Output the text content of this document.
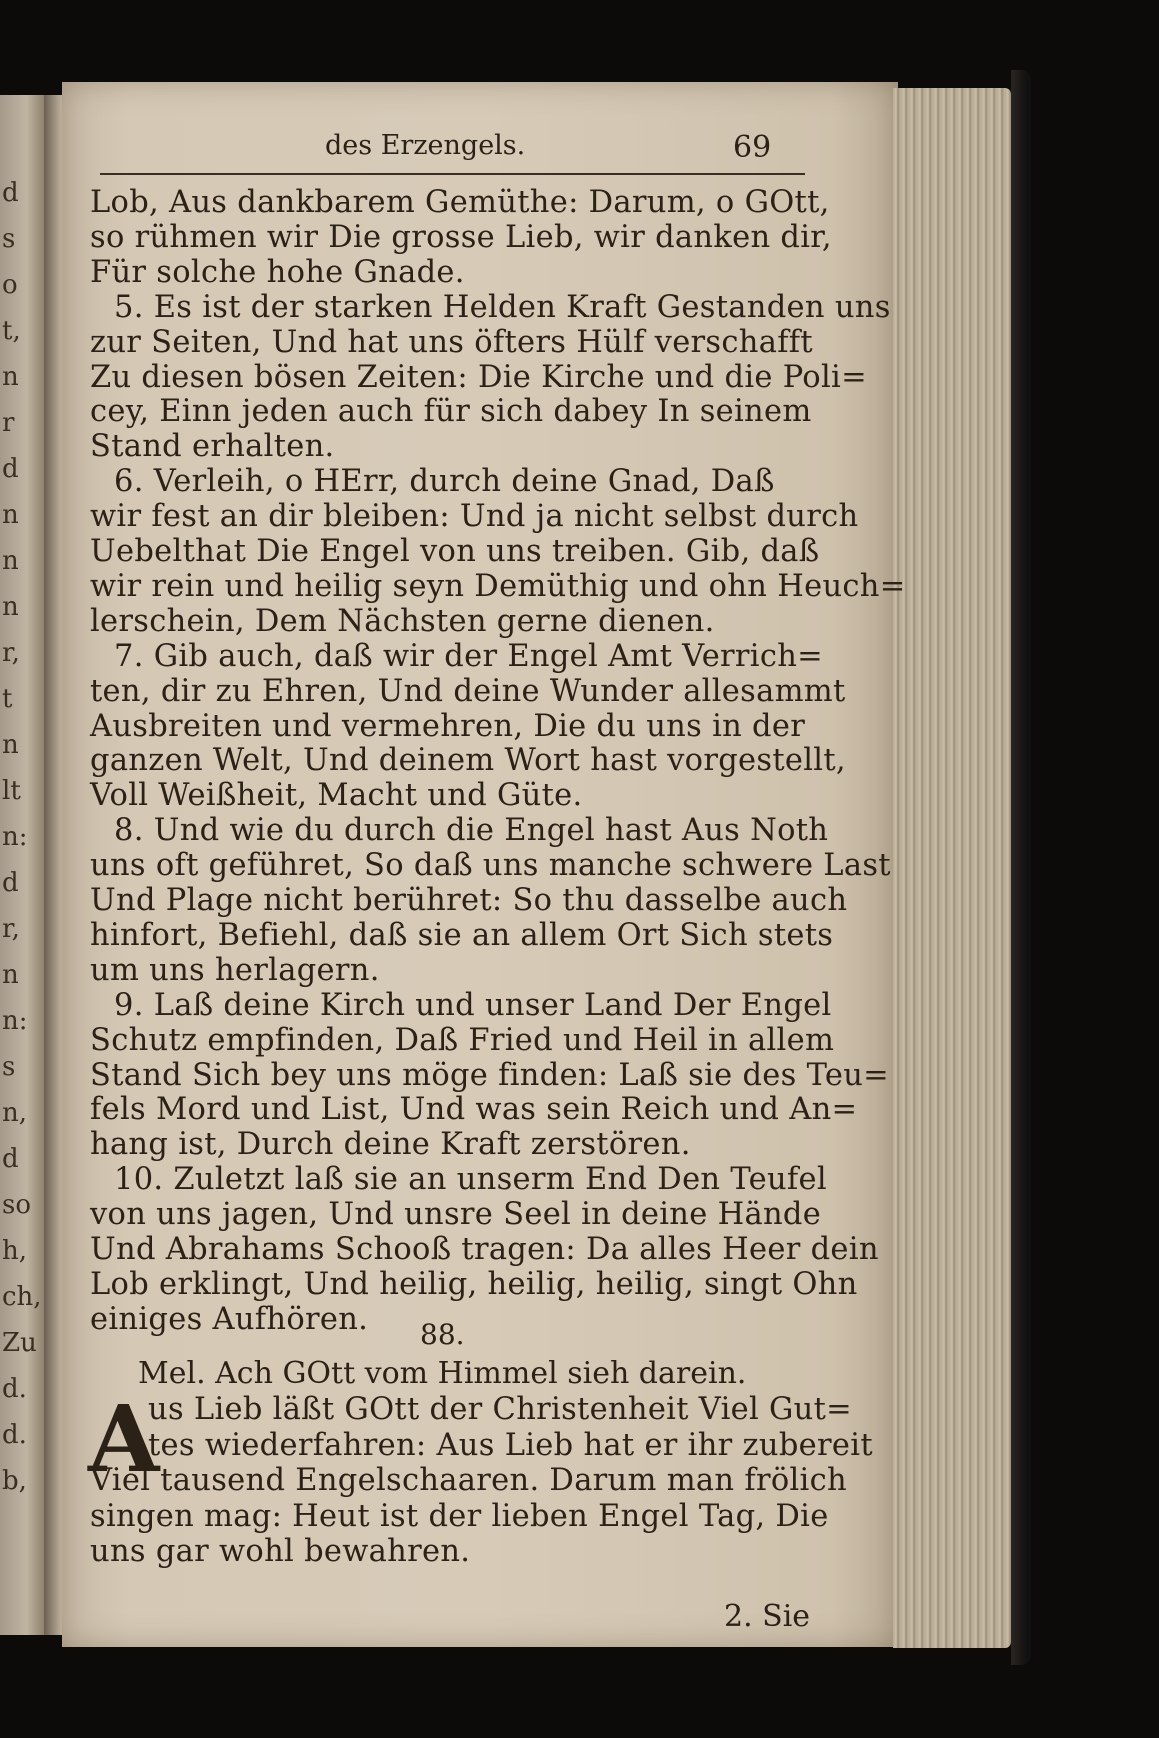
d
s
o
t,
n
r
d
n
n
n
r,
t
n
lt
n:
d
r,
n
n:
s
n,
d
so
h,
ch,
Zu
d.
d.
b,
des Erzengels.	69
Lob, Aus dankbarem Gemüthe: Darum, o GOtt,
so rühmen wir Die grosse Lieb, wir danken dir,
Für solche hohe Gnade.
5. Es ist der starken Helden Kraft Gestanden uns
zur Seiten, Und hat uns öfters Hülf verschafft
Zu diesen bösen Zeiten: Die Kirche und die Poli=
cey, Einn jeden auch für sich dabey In seinem
Stand erhalten.
6. Verleih, o HErr, durch deine Gnad, Daß
wir fest an dir bleiben: Und ja nicht selbst durch
Uebelthat Die Engel von uns treiben. Gib, daß
wir rein und heilig seyn Demüthig und ohn Heuch=
lerschein, Dem Nächsten gerne dienen.
7. Gib auch, daß wir der Engel Amt Verrich=
ten, dir zu Ehren, Und deine Wunder allesammt
Ausbreiten und vermehren, Die du uns in der
ganzen Welt, Und deinem Wort hast vorgestellt,
Voll Weißheit, Macht und Güte.
8. Und wie du durch die Engel hast Aus Noth
uns oft geführet, So daß uns manche schwere Last
Und Plage nicht berühret: So thu dasselbe auch
hinfort, Befiehl, daß sie an allem Ort Sich stets
um uns herlagern.
9. Laß deine Kirch und unser Land Der Engel
Schutz empfinden, Daß Fried und Heil in allem
Stand Sich bey uns möge finden: Laß sie des Teu=
fels Mord und List, Und was sein Reich und An=
hang ist, Durch deine Kraft zerstören.
10. Zuletzt laß sie an unserm End Den Teufel
von uns jagen, Und unsre Seel in deine Hände
Und Abrahams Schooß tragen: Da alles Heer dein
Lob erklingt, Und heilig, heilig, heilig, singt Ohn
einiges Aufhören. 88.
Mel. Ach GOtt vom Himmel sieh darein.
A
us Lieb läßt GOtt der Christenheit Viel Gut=
tes wiederfahren: Aus Lieb hat er ihr zubereit
Viel tausend Engelschaaren. Darum man frölich
singen mag: Heut ist der lieben Engel Tag, Die
uns gar wohl bewahren.
2. Sie
